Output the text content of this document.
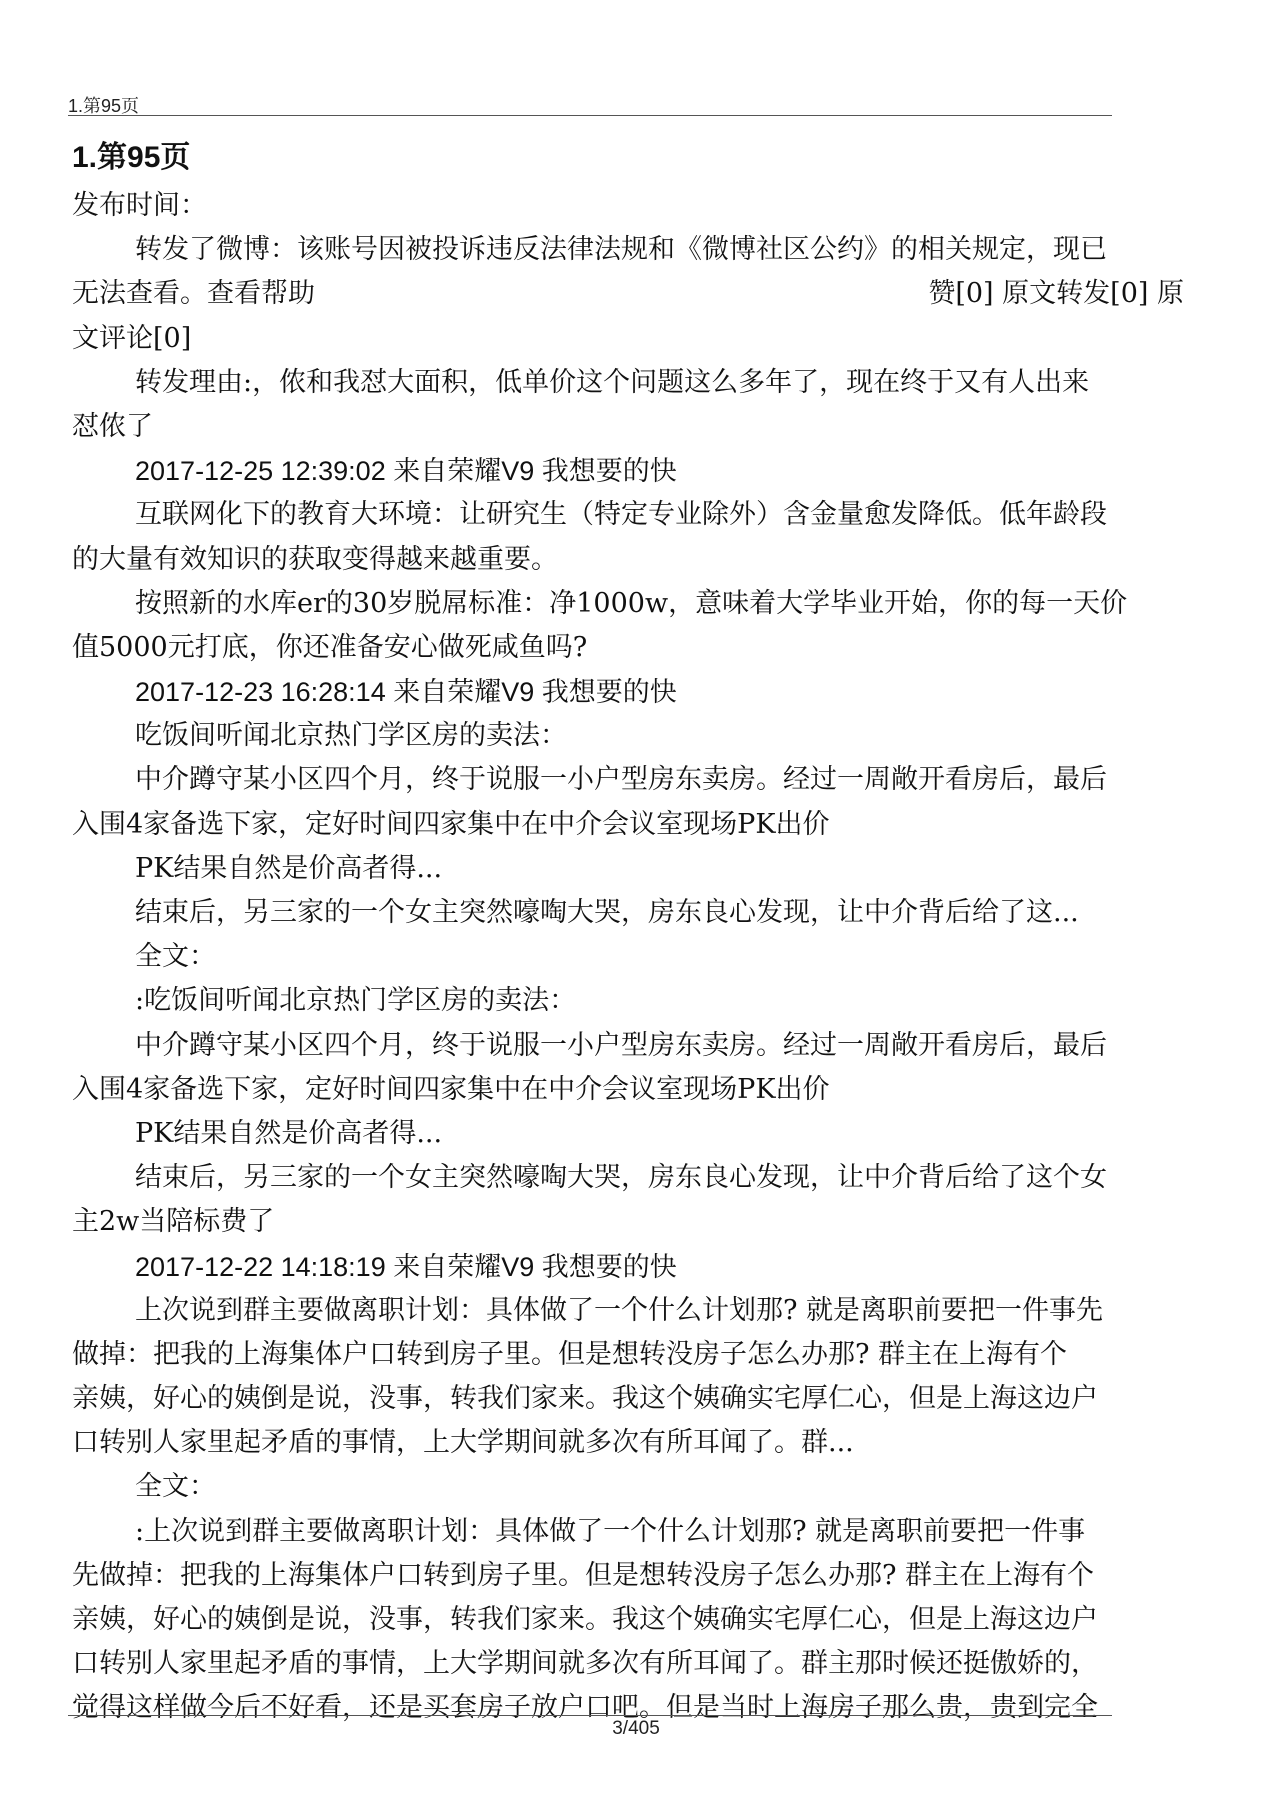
1.第95页
1.第95页
发布时间：
转发了微博：该账号因被投诉违反法律法规和《微博社区公约》的相关规定，现已
无法查看。查看帮助	赞[0] 原文转发[0] 原
文评论[0]
转发理由:，侬和我怼大面积，低单价这个问题这么多年了，现在终于又有人出来
怼侬了
2017-12-25 12:39:02 来自荣耀V9 我想要的快
互联网化下的教育大环境：让研究生（特定专业除外）含金量愈发降低。低年龄段
的大量有效知识的获取变得越来越重要。
按照新的水库er的30岁脱屌标准：净1000w，意味着大学毕业开始，你的每一天价
值5000元打底，你还准备安心做死咸鱼吗?
2017-12-23 16:28:14 来自荣耀V9 我想要的快
吃饭间听闻北京热门学区房的卖法：
中介蹲守某小区四个月，终于说服一小户型房东卖房。经过一周敞开看房后，最后
入围4家备选下家，定好时间四家集中在中介会议室现场PK出价
PK结果自然是价高者得...
结束后，另三家的一个女主突然嚎啕大哭，房东良心发现，让中介背后给了这...
全文：
:吃饭间听闻北京热门学区房的卖法：
中介蹲守某小区四个月，终于说服一小户型房东卖房。经过一周敞开看房后，最后
入围4家备选下家，定好时间四家集中在中介会议室现场PK出价
PK结果自然是价高者得...
结束后，另三家的一个女主突然嚎啕大哭，房东良心发现，让中介背后给了这个女
主2w当陪标费了
2017-12-22 14:18:19 来自荣耀V9 我想要的快
上次说到群主要做离职计划：具体做了一个什么计划那? 就是离职前要把一件事先
做掉：把我的上海集体户口转到房子里。但是想转没房子怎么办那? 群主在上海有个
亲姨，好心的姨倒是说，没事，转我们家来。我这个姨确实宅厚仁心，但是上海这边户
口转别人家里起矛盾的事情，上大学期间就多次有所耳闻了。群...
全文：
:上次说到群主要做离职计划：具体做了一个什么计划那? 就是离职前要把一件事
先做掉：把我的上海集体户口转到房子里。但是想转没房子怎么办那? 群主在上海有个
亲姨，好心的姨倒是说，没事，转我们家来。我这个姨确实宅厚仁心，但是上海这边户
口转别人家里起矛盾的事情，上大学期间就多次有所耳闻了。群主那时候还挺傲娇的，
觉得这样做今后不好看，还是买套房子放户口吧。但是当时上海房子那么贵，贵到完全
3/405
